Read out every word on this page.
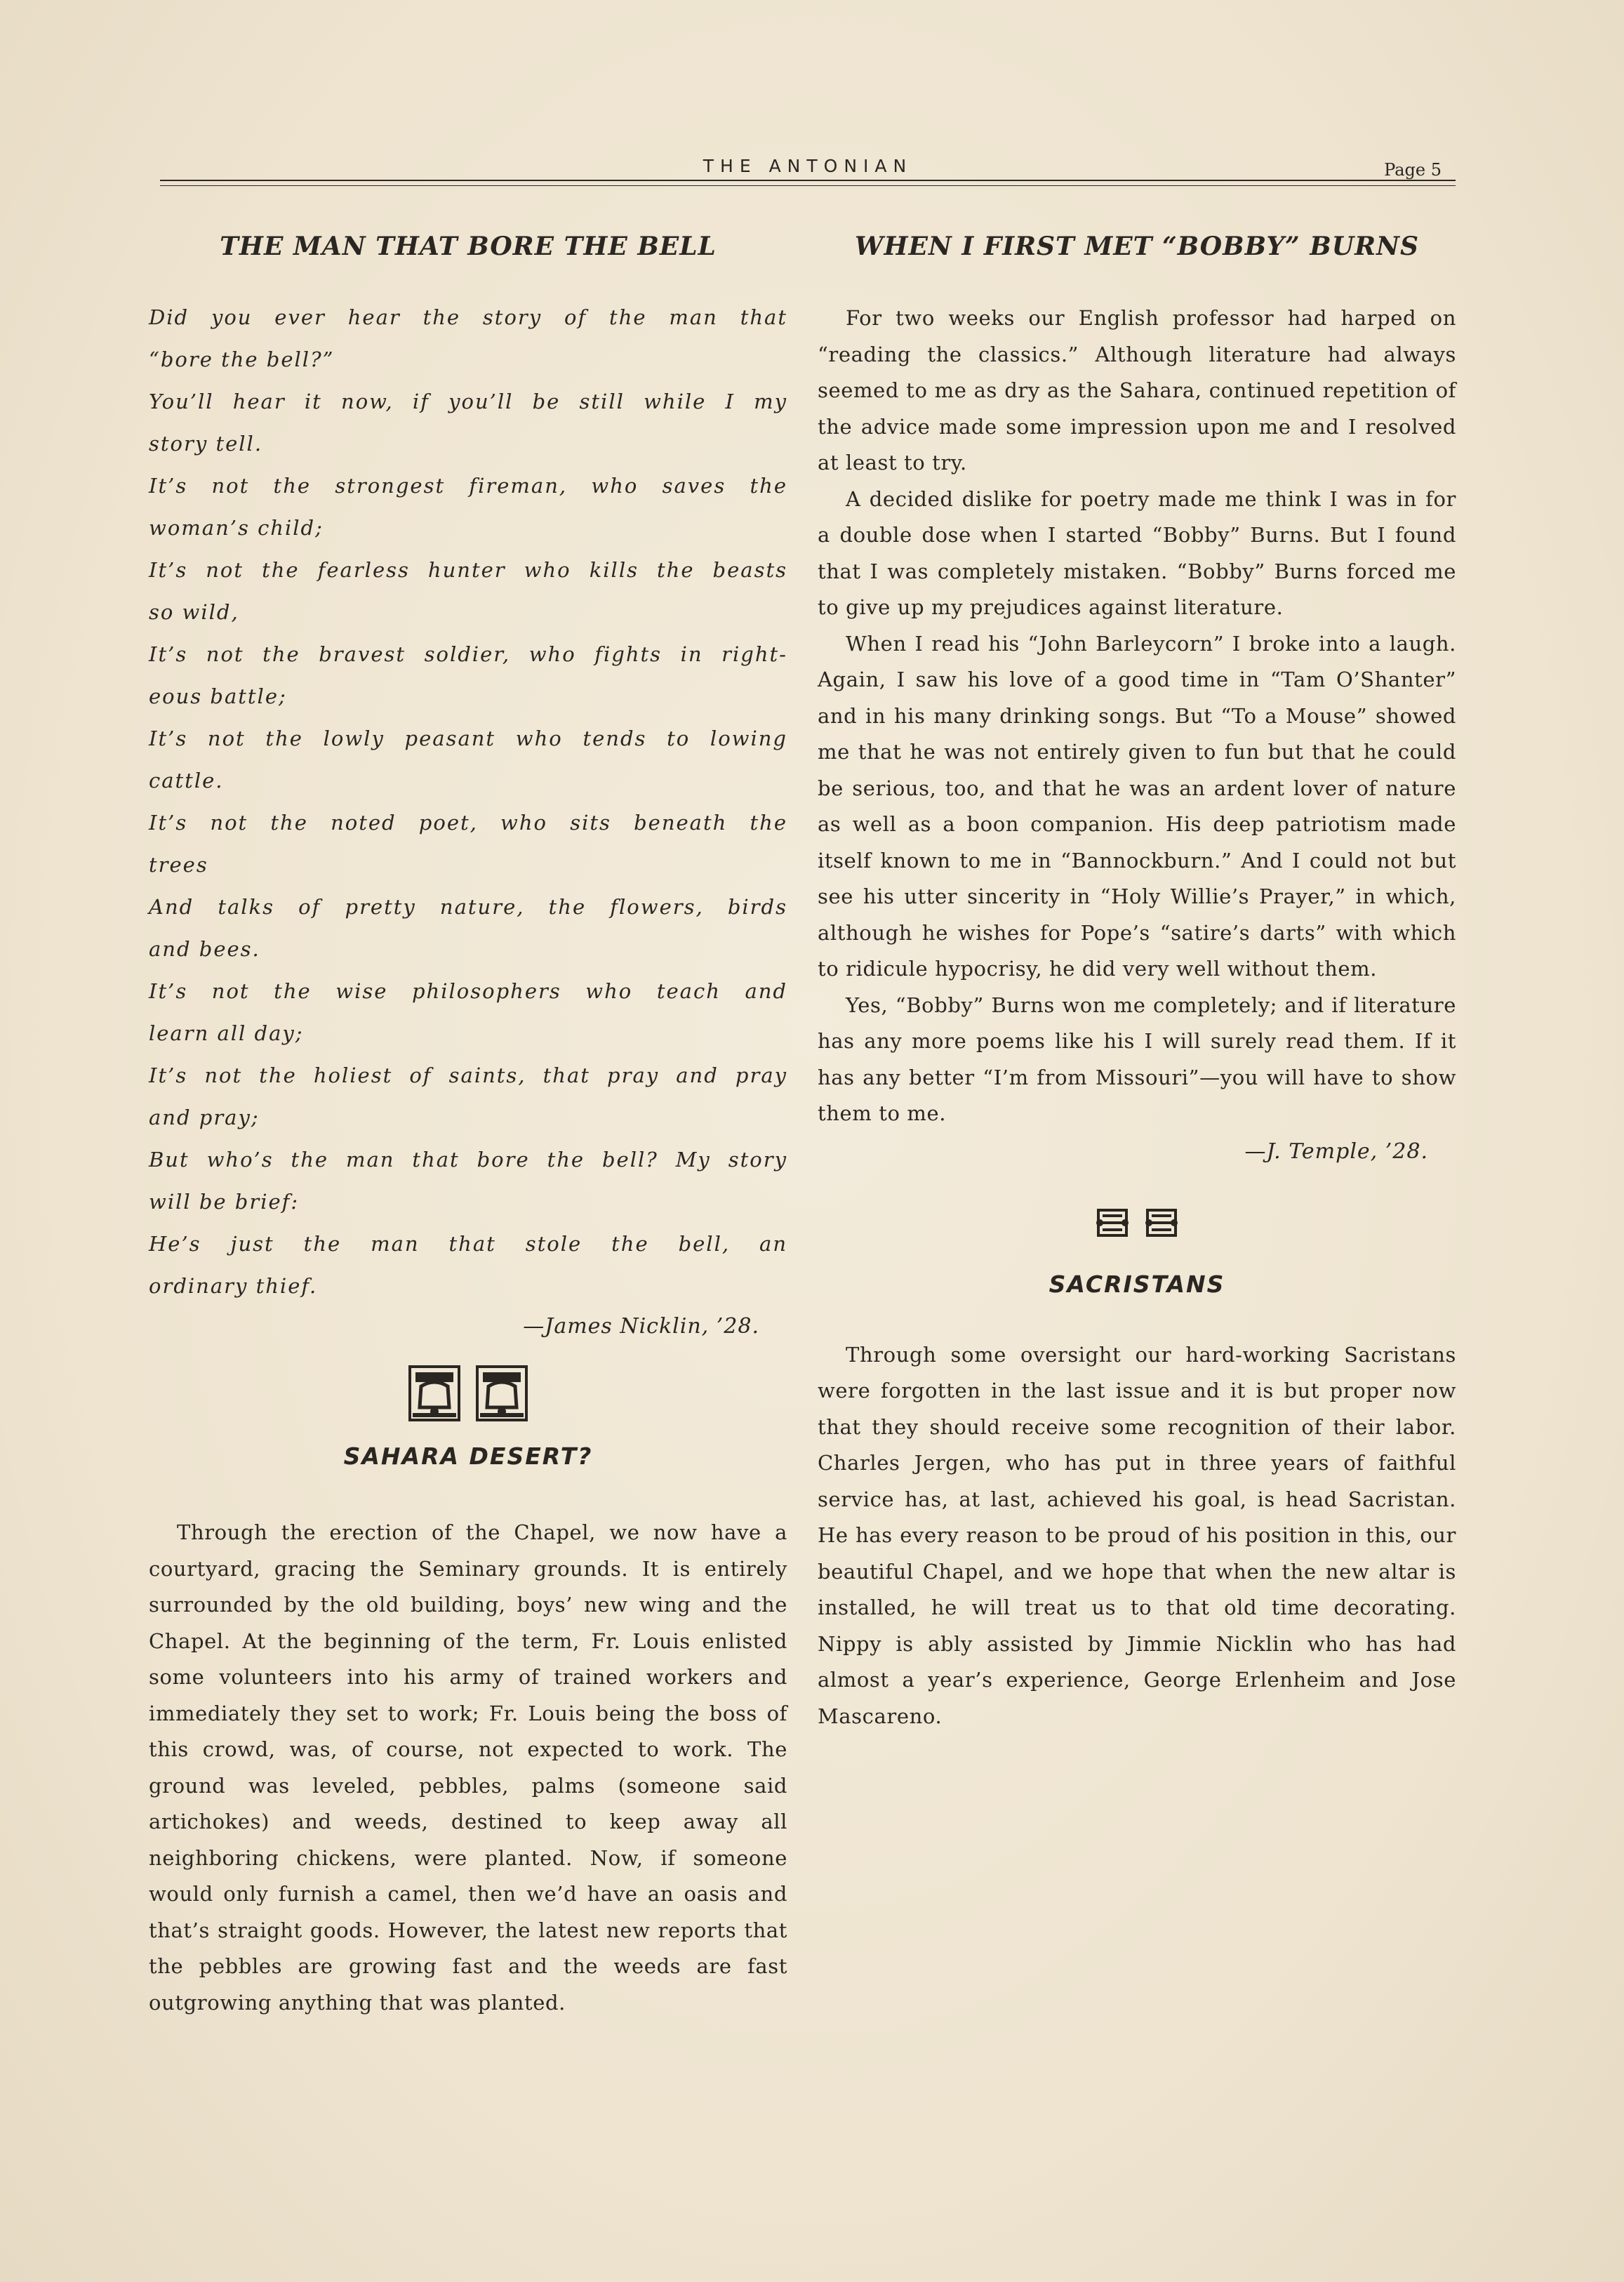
THE ANTONIAN	Page 5
THE MAN THAT BORE THE BELL
Did you ever hear the story of the man that
“bore the bell?”
You’ll hear it now, if you’ll be still while I my
story tell.
It’s not the strongest fireman, who saves the
woman’s child;
It’s not the fearless hunter who kills the beasts
so wild,
It’s not the bravest soldier, who fights in right-
eous battle;
It’s not the lowly peasant who tends to lowing
cattle.
It’s not the noted poet, who sits beneath the
trees
And talks of pretty nature, the flowers, birds
and bees.
It’s not the wise philosophers who teach and
learn all day;
It’s not the holiest of saints, that pray and pray
and pray;
But who’s the man that bore the bell? My story
will be brief:
He’s just the man that stole the bell, an
ordinary thief.
—James Nicklin, ’28.
SAHARA DESERT?

Through the erection of the Chapel, we now have a courtyard, gracing the Seminary grounds. It is entirely surrounded by the old building, boys’ new wing and the Chapel. At the beginning of the term, Fr. Louis enlisted some volunteers into his army of trained workers and immediately they set to work; Fr. Louis being the boss of this crowd, was, of course, not expected to work. The ground was leveled, pebbles, palms (someone said artichokes) and weeds, destined to keep away all neighboring chickens, were planted. Now, if someone would only furnish a camel, then we’d have an oasis and that’s straight goods. However, the latest new reports that the pebbles are growing fast and the weeds are fast outgrowing anything that was planted.

WHEN I FIRST MET “BOBBY” BURNS

For two weeks our English professor had harped on “reading the classics.” Although literature had always seemed to me as dry as the Sahara, continued repetition of the advice made some impression upon me and I resolved at least to try.

A decided dislike for poetry made me think I was in for a double dose when I started “Bobby” Burns. But I found that I was completely mistaken. “Bobby” Burns forced me to give up my prejudices against literature.

When I read his “John Barleycorn” I broke into a laugh. Again, I saw his love of a good time in “Tam O’Shanter” and in his many drinking songs. But “To a Mouse” showed me that he was not entirely given to fun but that he could be serious, too, and that he was an ardent lover of nature as well as a boon companion. His deep patriotism made itself known to me in “Bannockburn.” And I could not but see his utter sincerity in “Holy Willie’s Prayer,” in which, although he wishes for Pope’s “satire’s darts” with which to ridicule hypocrisy, he did very well without them.

Yes, “Bobby” Burns won me completely; and if literature has any more poems like his I will surely read them. If it has any better “I’m from Missouri”—you will have to show them to me.

—J. Temple, ’28.
SACRISTANS

Through some oversight our hard-working Sacristans were forgotten in the last issue and it is but proper now that they should receive some recognition of their labor. Charles Jergen, who has put in three years of faithful service has, at last, achieved his goal, is head Sacristan. He has every reason to be proud of his position in this, our beautiful Chapel, and we hope that when the new altar is installed, he will treat us to that old time decorating. Nippy is ably assisted by Jimmie Nicklin who has had almost a year’s experience, George Erlenheim and Jose Mascareno.
